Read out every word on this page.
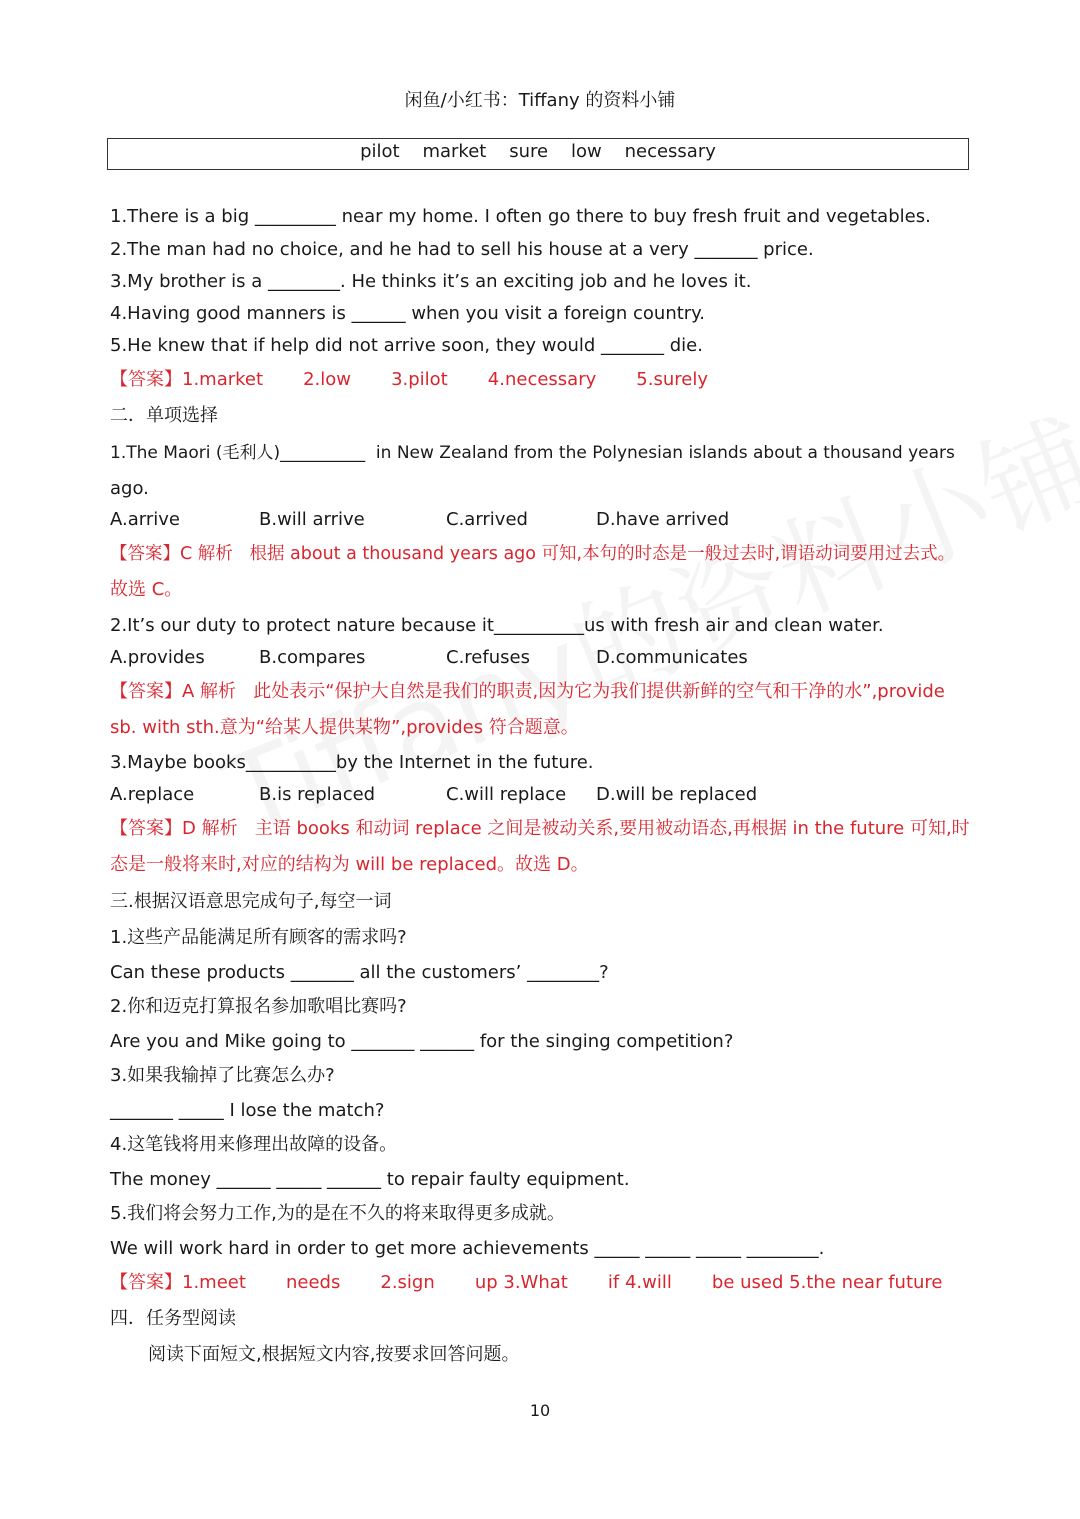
闲鱼/小红书：Tiffany 的资料小铺
pilot    market    sure    low    necessary
1.There is a big _________ near my home. I often go there to buy fresh fruit and vegetables.
2.The man had no choice, and he had to sell his house at a very _______ price.
3.My brother is a ________. He thinks it’s an exciting job and he loves it.
4.Having good manners is ______ when you visit a foreign country.
5.He knew that if help did not arrive soon, they would _______ die.
【答案】1.market       2.low       3.pilot       4.necessary       5.surely
二．单项选择
1.The Maori (毛利人)__________  in New Zealand from the Polynesian islands about a thousand years
ago.
A.arrive	B.will arrive	C.arrived	D.have arrived
【答案】C 解析   根据 about a thousand years ago 可知,本句的时态是一般过去时,谓语动词要用过去式。
故选 C。
2.It’s our duty to protect nature because it__________us with fresh air and clean water.
A.provides	B.compares	C.refuses	D.communicates
【答案】A 解析   此处表示“保护大自然是我们的职责,因为它为我们提供新鲜的空气和干净的水”,provide
sb. with sth.意为“给某人提供某物”,provides 符合题意。
3.Maybe books__________by the Internet in the future.
A.replace	B.is replaced	C.will replace D.will be replaced
【答案】D 解析   主语 books 和动词 replace 之间是被动关系,要用被动语态,再根据 in the future 可知,时
态是一般将来时,对应的结构为 will be replaced。故选 D。
三.根据汉语意思完成句子,每空一词
1.这些产品能满足所有顾客的需求吗?
Can these products _______ all the customers’ ________?
2.你和迈克打算报名参加歌唱比赛吗?
Are you and Mike going to _______ ______ for the singing competition?
3.如果我输掉了比赛怎么办?
_______ _____ I lose the match?
4.这笔钱将用来修理出故障的设备。
The money ______ _____ ______ to repair faulty equipment.
5.我们将会努力工作,为的是在不久的将来取得更多成就。
We will work hard in order to get more achievements _____ _____ _____ ________.
【答案】1.meet       needs       2.sign       up 3.What       if 4.will       be used 5.the near future
四．任务型阅读
阅读下面短文,根据短文内容,按要求回答问题。
10
